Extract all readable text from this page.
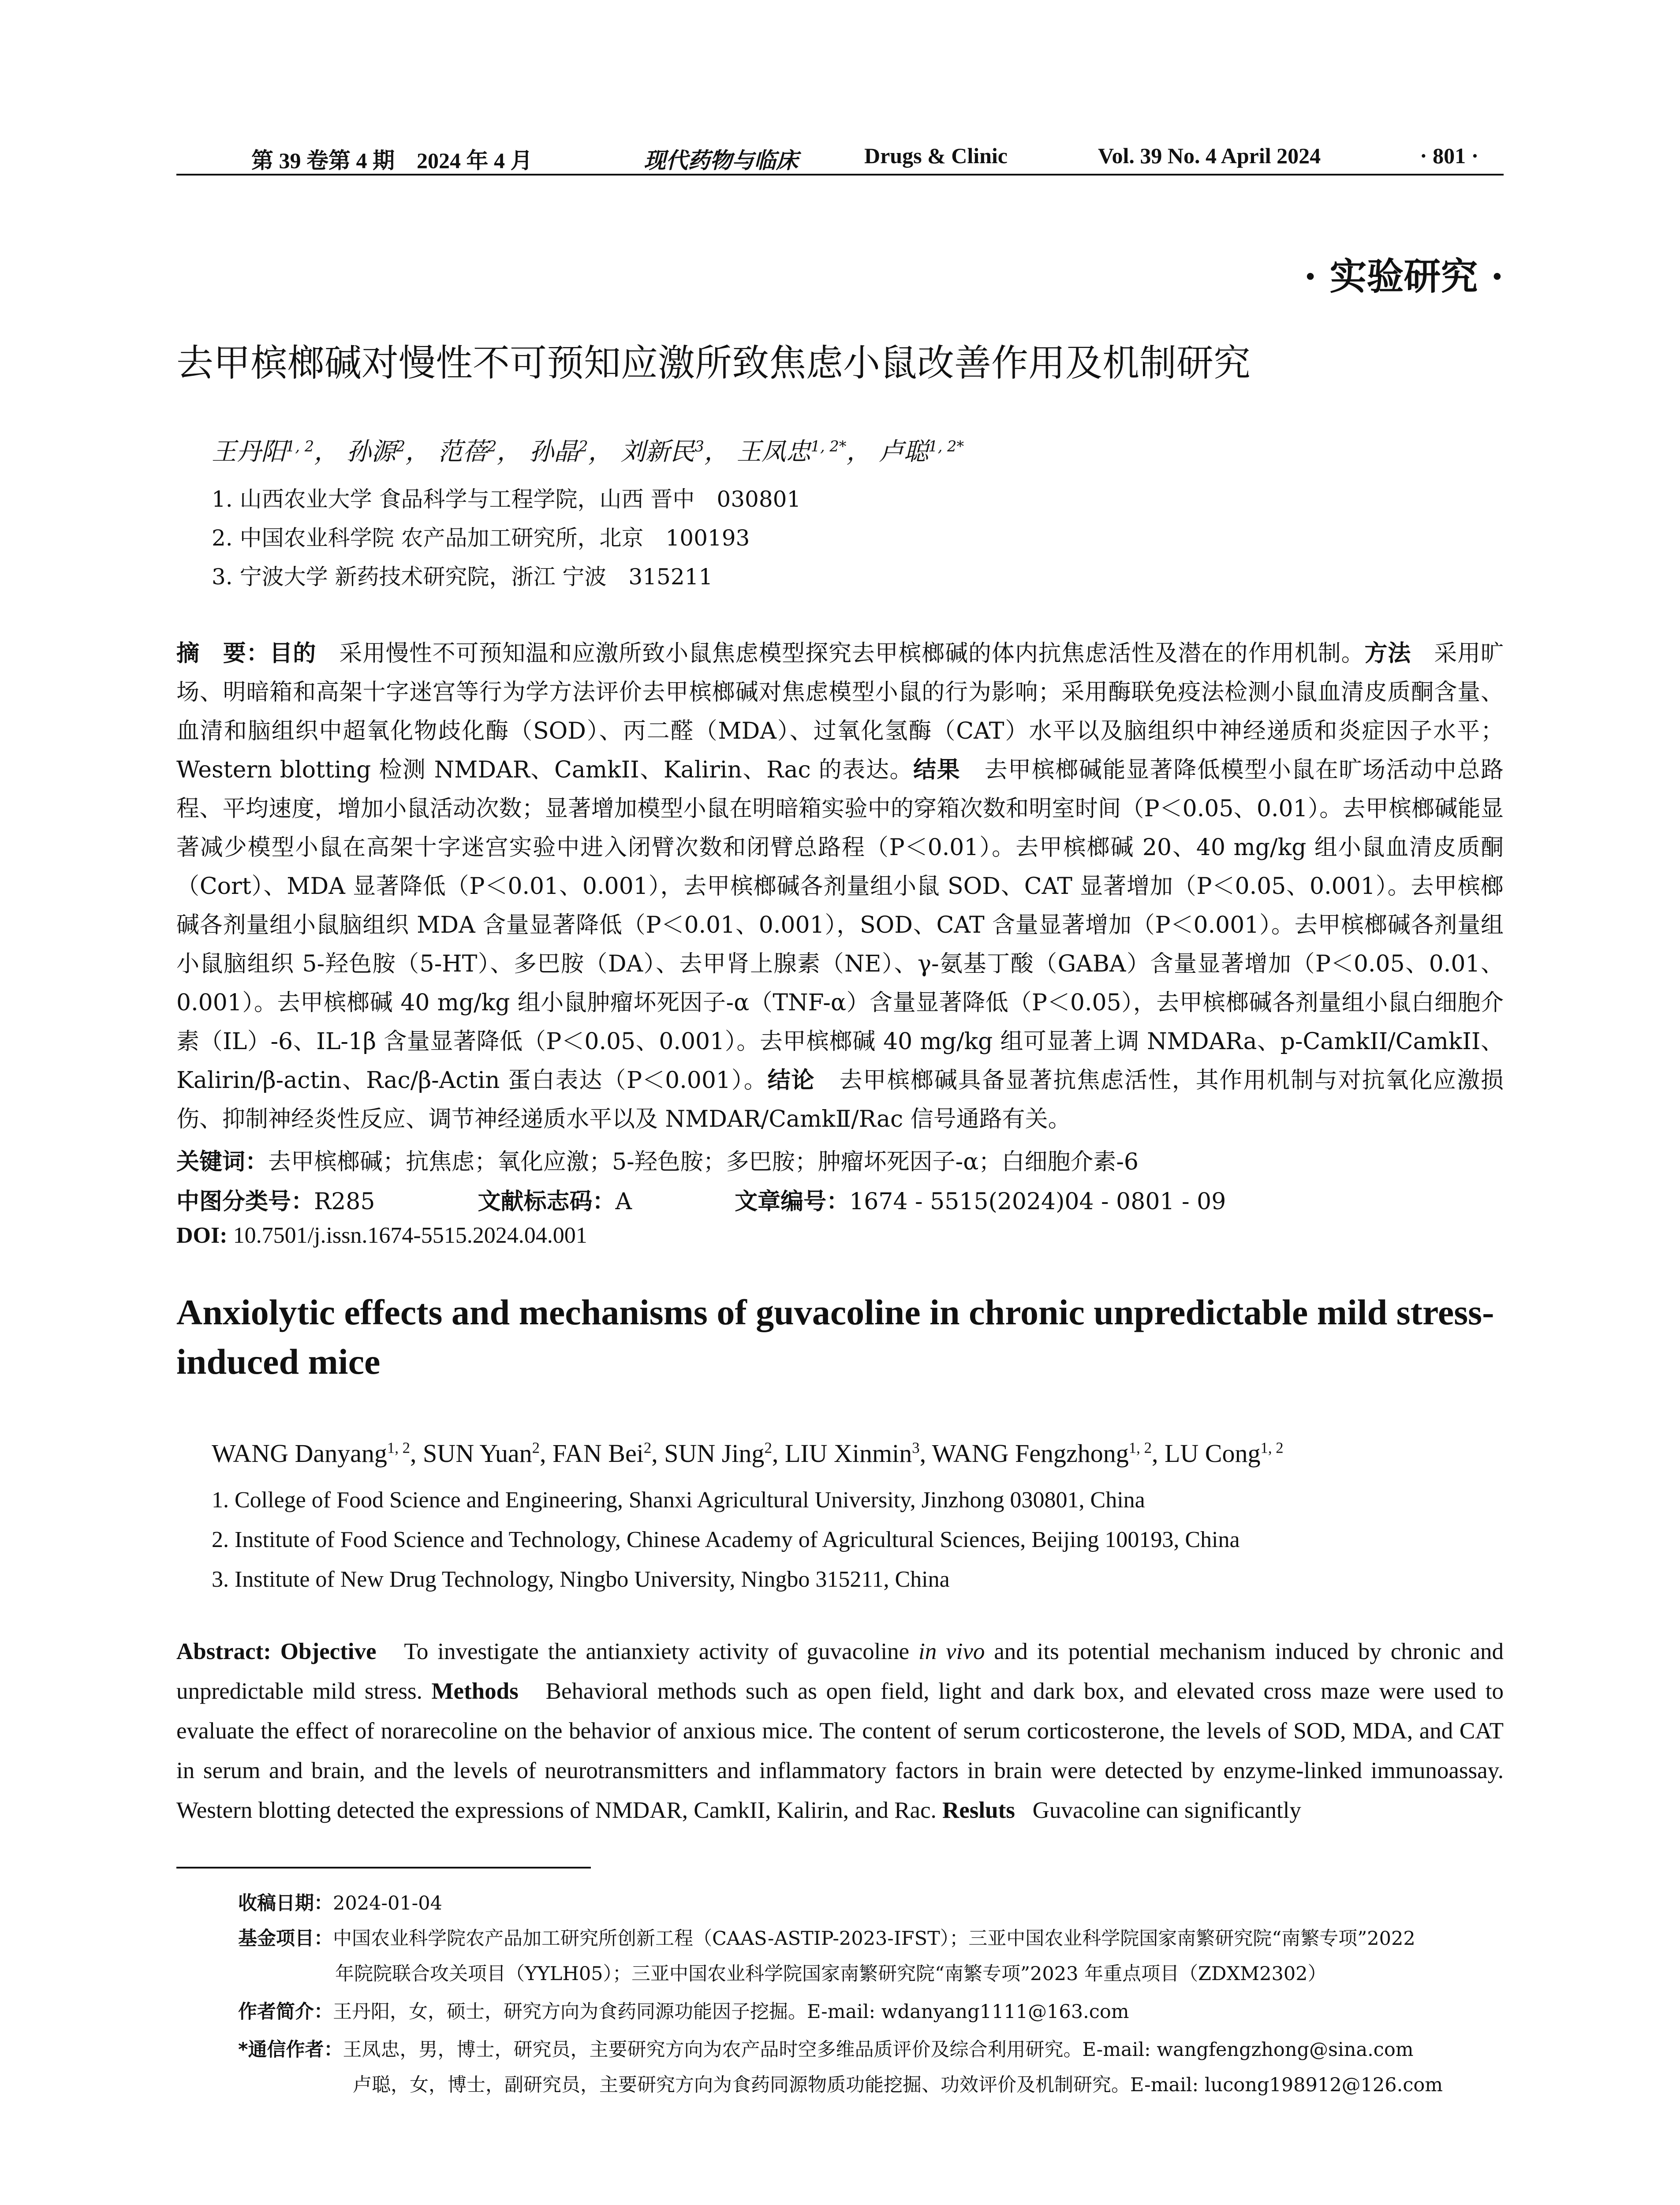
第 39 卷第 4 期　2024 年 4 月	现代药物与临床	Drugs & Clinic	Vol. 39 No. 4 April 2024	· 801 ·
· 实验研究 ·
去甲槟榔碱对慢性不可预知应激所致焦虑小鼠改善作用及机制研究
王丹阳$^{1, 2}$， 孙源$^2$， 范蓓$^2$， 孙晶$^2$， 刘新民$^3$， 王凤忠$^{1, 2*}$， 卢聪$^{1, 2*}$
1. 山西农业大学 食品科学与工程学院，山西 晋中　030801
2. 中国农业科学院 农产品加工研究所，北京　100193
3. 宁波大学 新药技术研究院，浙江 宁波　315211
摘　要：目的 采用慢性不可预知温和应激所致小鼠焦虑模型探究去甲槟榔碱的体内抗焦虑活性及潜在的作用机制。方法 采用旷场、明暗箱和高架十字迷宫等行为学方法评价去甲槟榔碱对焦虑模型小鼠的行为影响；采用酶联免疫法检测小鼠血清皮质酮含量、血清和脑组织中超氧化物歧化酶（SOD）、丙二醛（MDA）、过氧化氢酶（CAT）水平以及脑组织中神经递质和炎症因子水平；Western blotting 检测 NMDAR、CamkII、Kalirin、Rac 的表达。结果 去甲槟榔碱能显著降低模型小鼠在旷场活动中总路程、平均速度，增加小鼠活动次数；显著增加模型小鼠在明暗箱实验中的穿箱次数和明室时间（P＜0.05、0.01）。去甲槟榔碱能显著减少模型小鼠在高架十字迷宫实验中进入闭臂次数和闭臂总路程（P＜0.01）。去甲槟榔碱 20、40 mg/kg 组小鼠血清皮质酮（Cort）、MDA 显著降低（P＜0.01、0.001），去甲槟榔碱各剂量组小鼠 SOD、CAT 显著增加（P＜0.05、0.001）。去甲槟榔碱各剂量组小鼠脑组织 MDA 含量显著降低（P＜0.01、0.001），SOD、CAT 含量显著增加（P＜0.001）。去甲槟榔碱各剂量组小鼠脑组织 5-羟色胺（5-HT）、多巴胺（DA）、去甲肾上腺素（NE）、γ-氨基丁酸（GABA）含量显著增加（P＜0.05、0.01、0.001）。去甲槟榔碱 40 mg/kg 组小鼠肿瘤坏死因子-α（TNF-α）含量显著降低（P＜0.05），去甲槟榔碱各剂量组小鼠白细胞介素（IL）-6、IL-1β 含量显著降低（P＜0.05、0.001）。去甲槟榔碱 40 mg/kg 组可显著上调 NMDARa、p-CamkII/CamkII、Kalirin/β-actin、Rac/β-Actin 蛋白表达（P＜0.001）。结论 去甲槟榔碱具备显著抗焦虑活性，其作用机制与对抗氧化应激损伤、抑制神经炎性反应、调节神经递质水平以及 NMDAR/CamkⅡ/Rac 信号通路有关。
关键词：去甲槟榔碱；抗焦虑；氧化应激；5-羟色胺；多巴胺；肿瘤坏死因子-α；白细胞介素-6
中图分类号：R285	文献标志码：A	文章编号：1674 - 5515(2024)04 - 0801 - 09
DOI: 10.7501/j.issn.1674-5515.2024.04.001
Anxiolytic effects and mechanisms of guvacoline in chronic unpredictable mild stress-induced mice
WANG Danyang$^{1, 2}$, SUN Yuan$^2$, FAN Bei$^2$, SUN Jing$^2$, LIU Xinmin$^3$, WANG Fengzhong$^{1, 2}$, LU Cong$^{1, 2}$
1. College of Food Science and Engineering, Shanxi Agricultural University, Jinzhong 030801, China
2. Institute of Food Science and Technology, Chinese Academy of Agricultural Sciences, Beijing 100193, China
3. Institute of New Drug Technology, Ningbo University, Ningbo 315211, China
Abstract: Objective To investigate the antianxiety activity of guvacoline in vivo and its potential mechanism induced by chronic and unpredictable mild stress. Methods Behavioral methods such as open field, light and dark box, and elevated cross maze were used to evaluate the effect of norarecoline on the behavior of anxious mice. The content of serum corticosterone, the levels of SOD, MDA, and CAT in serum and brain, and the levels of neurotransmitters and inflammatory factors in brain were detected by enzyme-linked immunoassay. Western blotting detected the expressions of NMDAR, CamkII, Kalirin, and Rac. Resluts Guvacoline can significantly
收稿日期：2024-01-04
基金项目：中国农业科学院农产品加工研究所创新工程（CAAS-ASTIP-2023-IFST）；三亚中国农业科学院国家南繁研究院“南繁专项”2022
年院院联合攻关项目（YYLH05）；三亚中国农业科学院国家南繁研究院“南繁专项”2023 年重点项目（ZDXM2302）
作者简介：王丹阳，女，硕士，研究方向为食药同源功能因子挖掘。E-mail: wdanyang1111@163.com
*通信作者：王凤忠，男，博士，研究员，主要研究方向为农产品时空多维品质评价及综合利用研究。E-mail: wangfengzhong@sina.com
卢聪，女，博士，副研究员，主要研究方向为食药同源物质功能挖掘、功效评价及机制研究。E-mail: lucong198912@126.com
